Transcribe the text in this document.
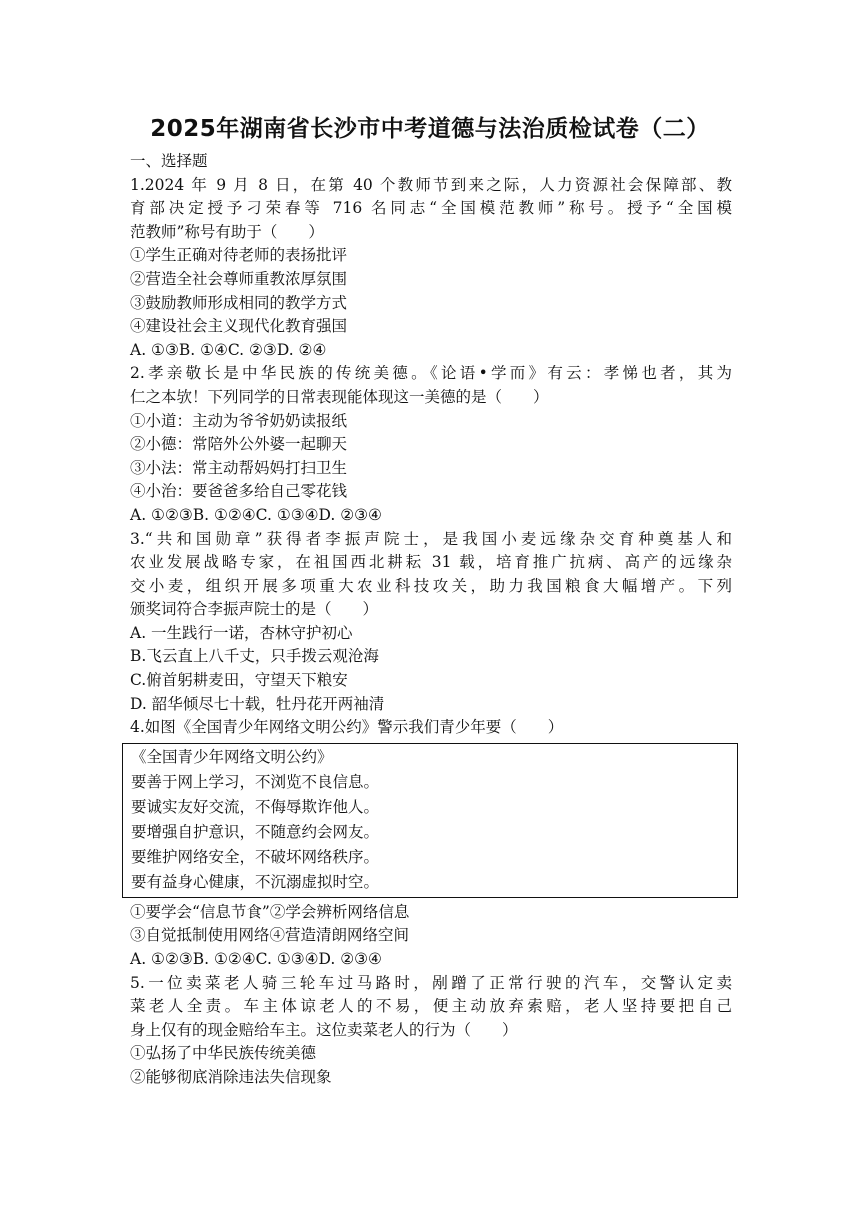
2025年湖南省长沙市中考道德与法治质检试卷（二）
一、选择题
1.2024 年 9 月 8 日，在第 40 个教师节到来之际，人力资源社会保障部、教
育部决定授予刁荣春等 716 名同志“全国模范教师”称号。授予“全国模
范教师”称号有助于（　　）
①学生正确对待老师的表扬批评
②营造全社会尊师重教浓厚氛围
③鼓励教师形成相同的教学方式
④建设社会主义现代化教育强国
A. ①③B. ①④C. ②③D. ②④
2.孝亲敬长是中华民族的传统美德。《论语•学而》有云：孝悌也者，其为
仁之本欤！下列同学的日常表现能体现这一美德的是（　　）
①小道：主动为爷爷奶奶读报纸
②小德：常陪外公外婆一起聊天
③小法：常主动帮妈妈打扫卫生
④小治：要爸爸多给自己零花钱
A. ①②③B. ①②④C. ①③④D. ②③④
3.“共和国勋章”获得者李振声院士，是我国小麦远缘杂交育种奠基人和
农业发展战略专家，在祖国西北耕耘 31 载，培育推广抗病、高产的远缘杂
交小麦，组织开展多项重大农业科技攻关，助力我国粮食大幅增产。下列
颁奖词符合李振声院士的是（　　）
A. 一生践行一诺，杏林守护初心
B.飞云直上八千丈，只手拨云观沧海
C.俯首躬耕麦田，守望天下粮安
D. 韶华倾尽七十载，牡丹花开两袖清
4.如图《全国青少年网络文明公约》警示我们青少年要（　　）
《全国青少年网络文明公约》
要善于网上学习，不浏览不良信息。
要诚实友好交流，不侮辱欺诈他人。
要增强自护意识，不随意约会网友。
要维护网络安全，不破坏网络秩序。
要有益身心健康，不沉溺虚拟时空。
①要学会“信息节食”②学会辨析网络信息
③自觉抵制使用网络④营造清朗网络空间
A. ①②③B. ①②④C. ①③④D. ②③④
5.一位卖菜老人骑三轮车过马路时，剐蹭了正常行驶的汽车，交警认定卖
菜老人全责。车主体谅老人的不易，便主动放弃索赔，老人坚持要把自己
身上仅有的现金赔给车主。这位卖菜老人的行为（　　）
①弘扬了中华民族传统美德
②能够彻底消除违法失信现象
